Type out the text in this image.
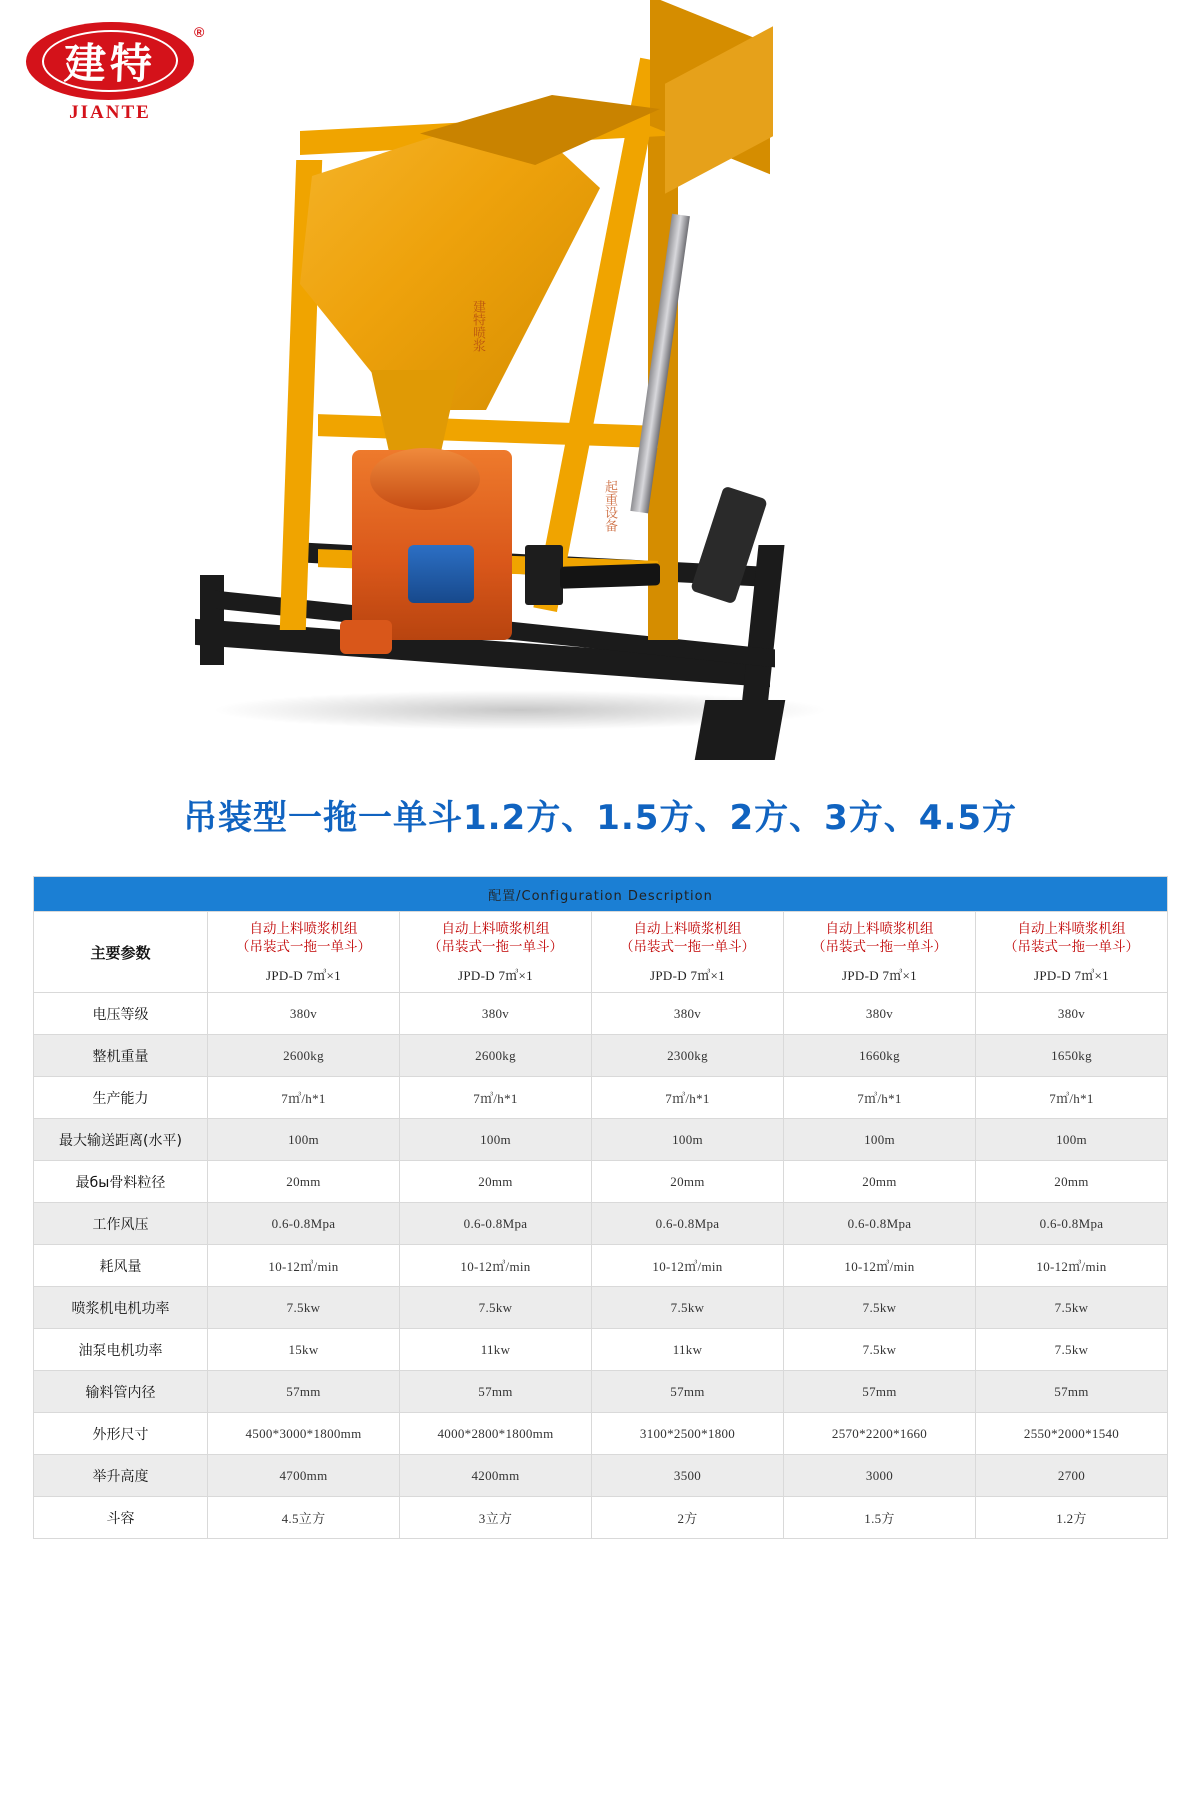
建特
®
JIANTE
建特喷浆
起重设备
吊装型一拖一单斗1.2方、1.5方、2方、3方、4.5方
配置/Configuration Description					
主要参数	自动上料喷浆机组
（吊装式一拖一单斗）
JPD-D 7㎥×1	自动上料喷浆机组
（吊装式一拖一单斗）
JPD-D 7㎥×1	自动上料喷浆机组
（吊装式一拖一单斗）
JPD-D 7㎥×1	自动上料喷浆机组
（吊装式一拖一单斗）
JPD-D 7㎥×1	自动上料喷浆机组
（吊装式一拖一单斗）
JPD-D 7㎥×1

电压等级	380v	380v	380v	380v	380v
整机重量	2600kg	2600kg	2300kg	1660kg	1650kg
生产能力	7㎥/h*1	7㎥/h*1	7㎥/h*1	7㎥/h*1	7㎥/h*1
最大输送距离(水平)	100m	100m	100m	100m	100m
最бы骨料粒径	20mm	20mm	20mm	20mm	20mm
工作风压	0.6-0.8Mpa	0.6-0.8Mpa	0.6-0.8Mpa	0.6-0.8Mpa	0.6-0.8Mpa
耗风量	10-12㎥/min	10-12㎥/min	10-12㎥/min	10-12㎥/min	10-12㎥/min
喷浆机电机功率	7.5kw	7.5kw	7.5kw	7.5kw	7.5kw
油泵电机功率	15kw	11kw	11kw	7.5kw	7.5kw
输料管内径	57mm	57mm	57mm	57mm	57mm
外形尺寸	4500*3000*1800mm	4000*2800*1800mm	3100*2500*1800	2570*2200*1660	2550*2000*1540
举升高度	4700mm	4200mm	3500	3000	2700
斗容	4.5立方	3立方	2方	1.5方	1.2方
